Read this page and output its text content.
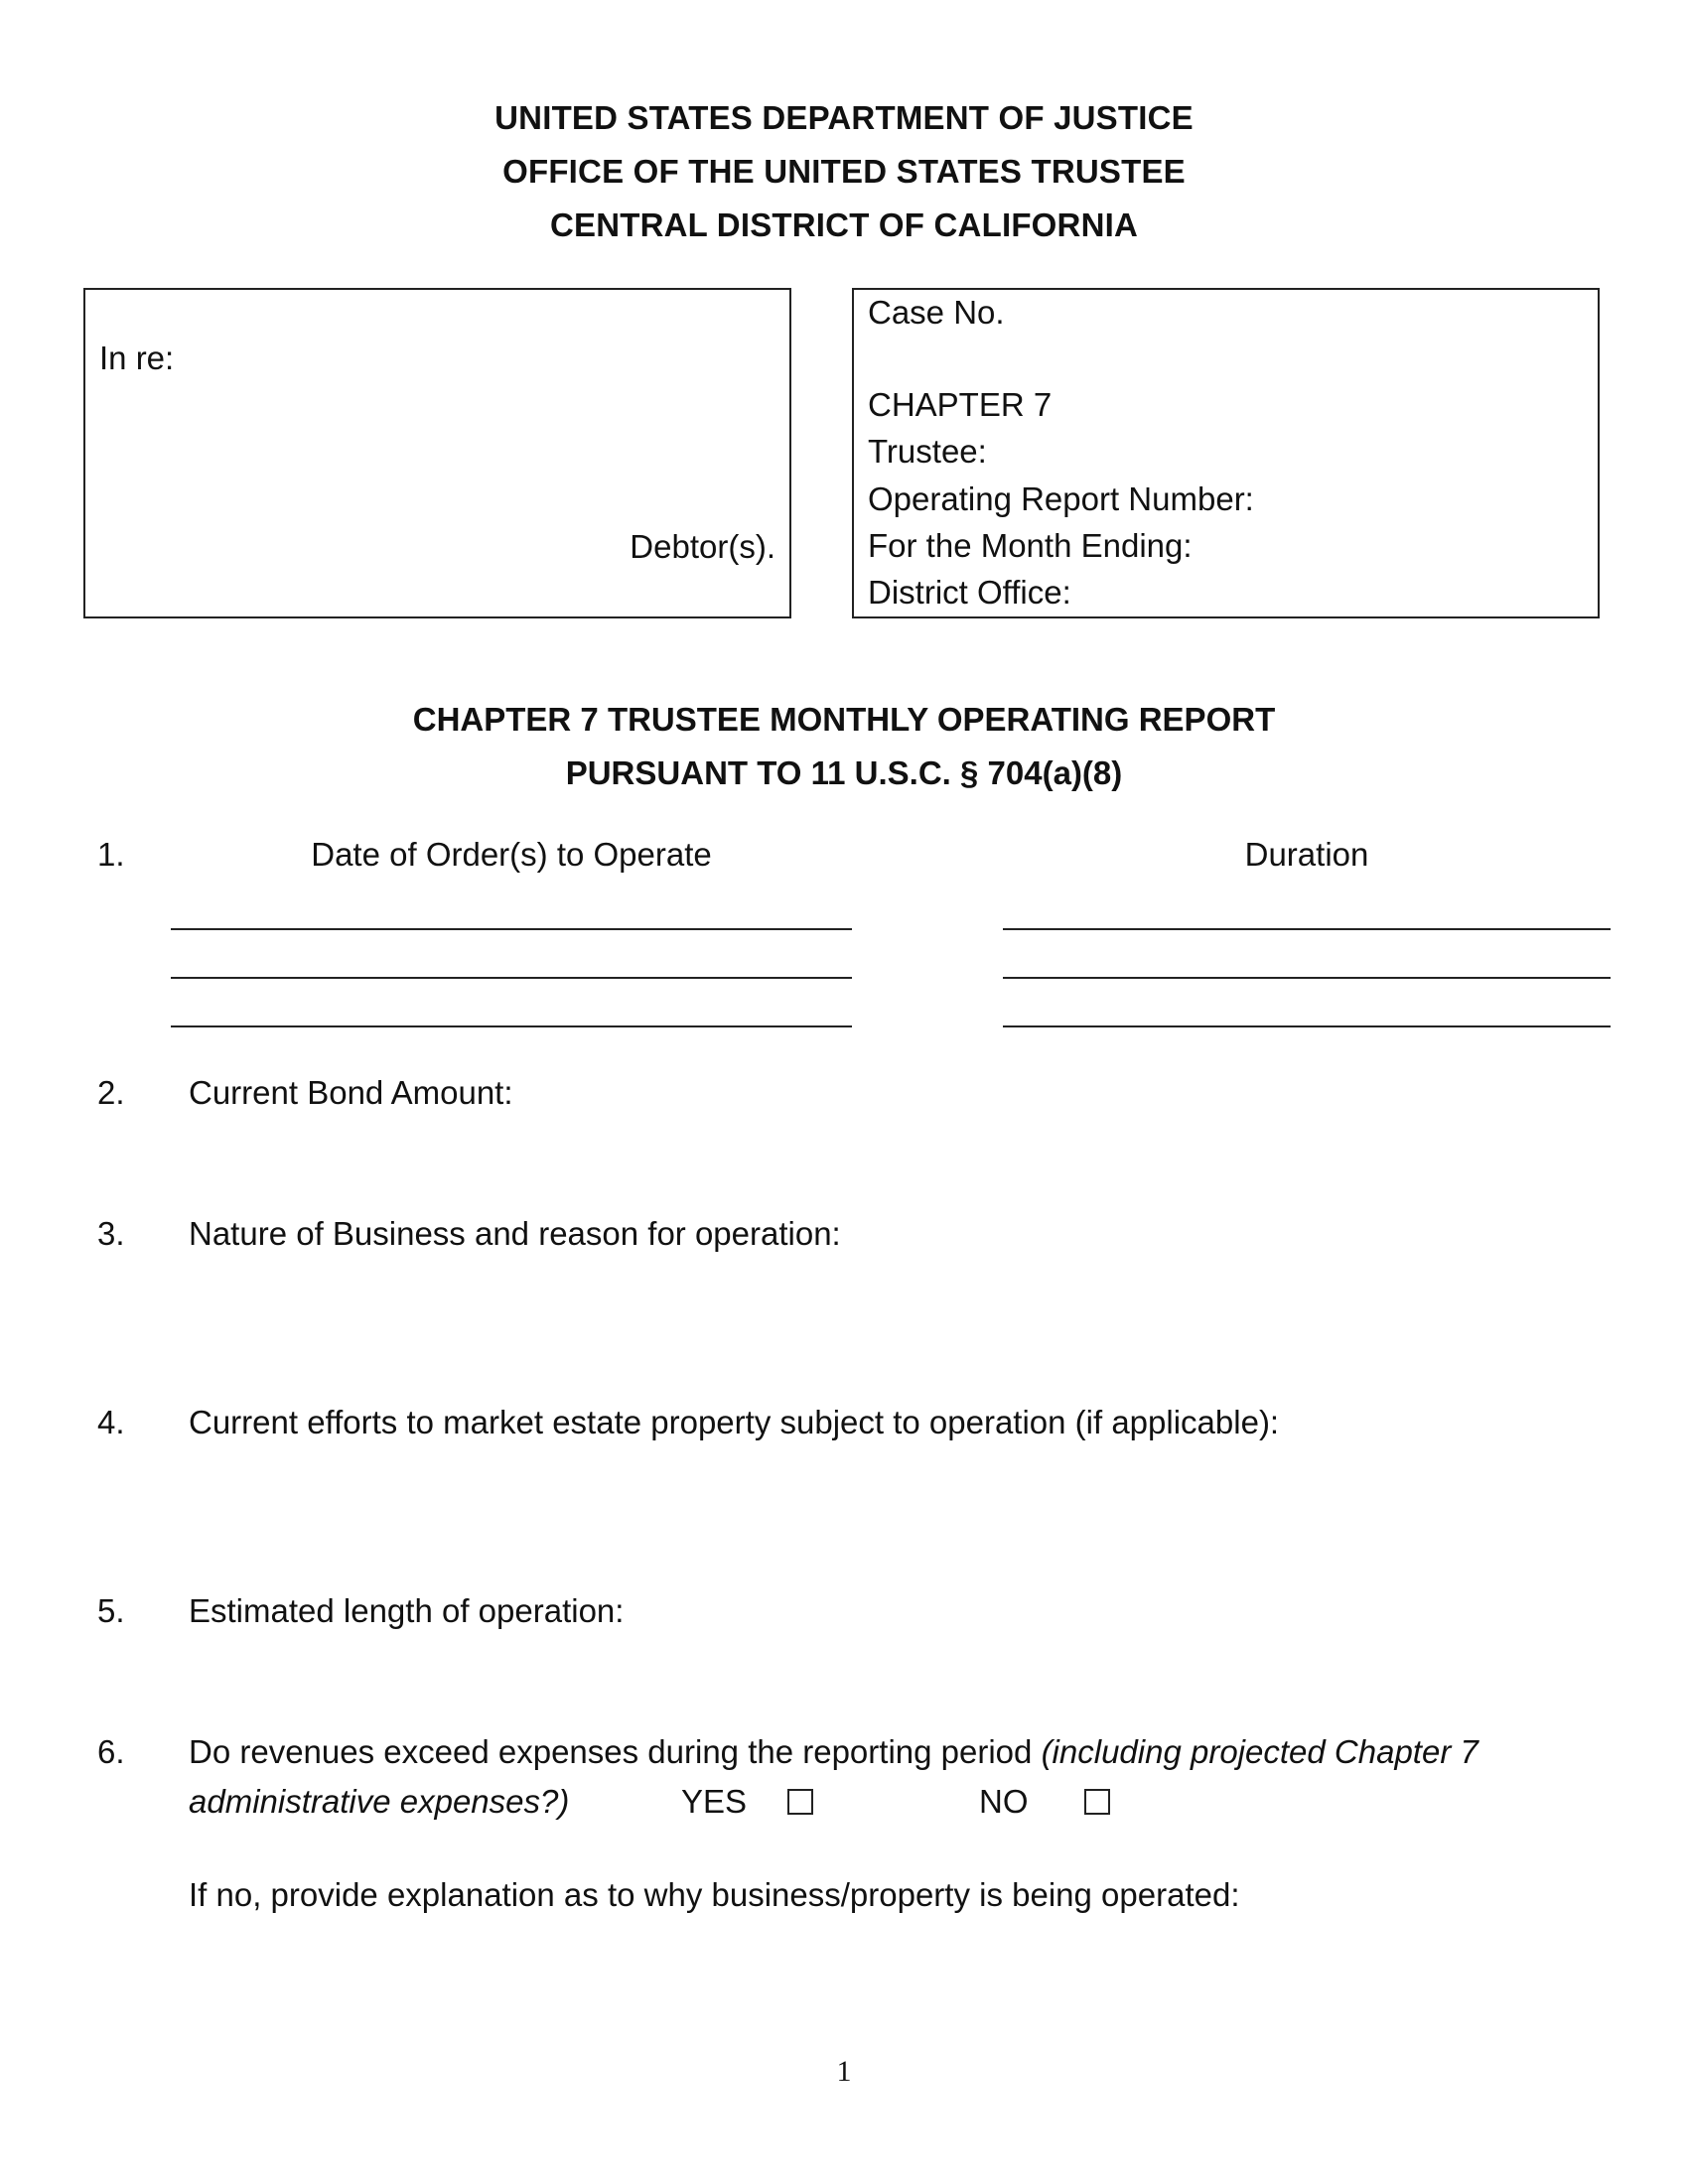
UNITED STATES DEPARTMENT OF JUSTICE
OFFICE OF THE UNITED STATES TRUSTEE
CENTRAL DISTRICT OF CALIFORNIA
In re:
Debtor(s).
Case No.
CHAPTER 7
Trustee:
Operating Report Number:
For the Month Ending:
District Office:
CHAPTER 7 TRUSTEE MONTHLY OPERATING REPORT
PURSUANT TO 11 U.S.C. § 704(a)(8)
1.	Date of Order(s) to Operate	Duration
2. Current Bond Amount:
3. Nature of Business and reason for operation:
4. Current efforts to market estate property subject to operation (if applicable):
5. Estimated length of operation:
6. Do revenues exceed expenses during the reporting period (including projected Chapter 7
administrative expenses?)	YES	NO
If no, provide explanation as to why business/property is being operated:
1
